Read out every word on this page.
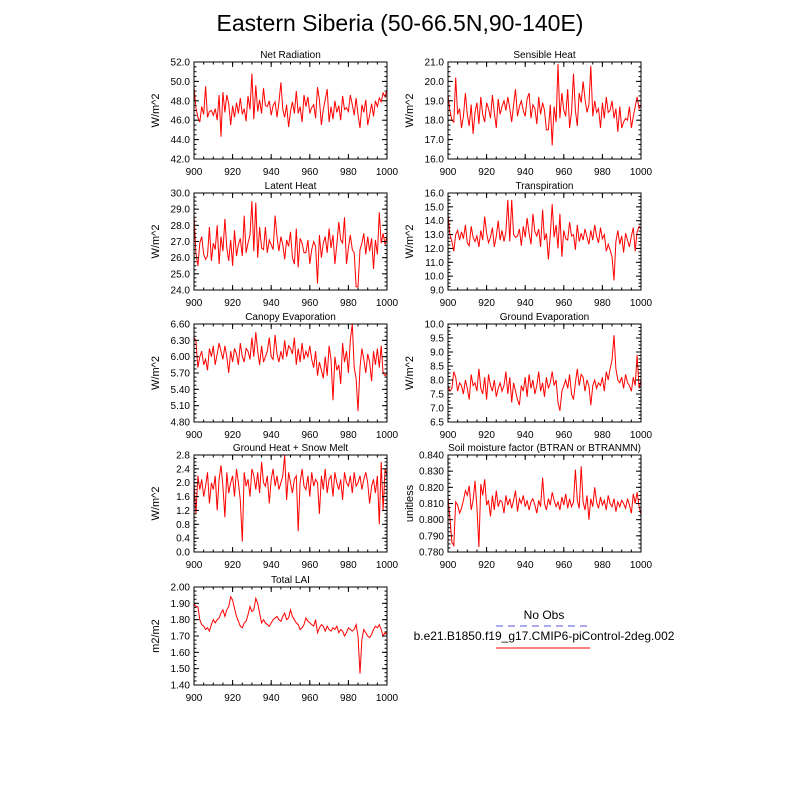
Eastern Siberia (50-66.5N,90-140E)
900 920 940 960 980 1000
42.0
44.0
46.0
48.0
50.0
52.0
Net Radiation
W/m^2
900 920 940 960 980 1000
16.0
17.0
18.0
19.0
20.0
21.0
Sensible Heat
W/m^2
900 920 940 960 980 1000
24.0
25.0
26.0
27.0
28.0
29.0
30.0
Latent Heat
W/m^2
900 920 940 960 980 1000
9.0
10.0
11.0
12.0
13.0
14.0
15.0
16.0
Transpiration
W/m^2
900 920 940 960 980 1000
4.80
5.10
5.40
5.70
6.00
6.30
6.60
Canopy Evaporation
W/m^2
900 920 940 960 980 1000
6.5
7.0
7.5
8.0
8.5
9.0
9.5
10.0
Ground Evaporation
W/m^2
900 920 940 960 980 1000
0.0
0.4
0.8
1.2
1.6
2.0
2.4
2.8
Ground Heat + Snow Melt
W/m^2
900 920 940 960 980 1000
0.780
0.790
0.800
0.810
0.820
0.830
0.840
Soil moisture factor (BTRAN or BTRANMN)
unitless
900 920 940 960 980 1000
1.40
1.50
1.60
1.70
1.80
1.90
2.00
Total LAI
m2/m2
No Obs
b.e21.B1850.f19_g17.CMIP6-piControl-2deg.002
